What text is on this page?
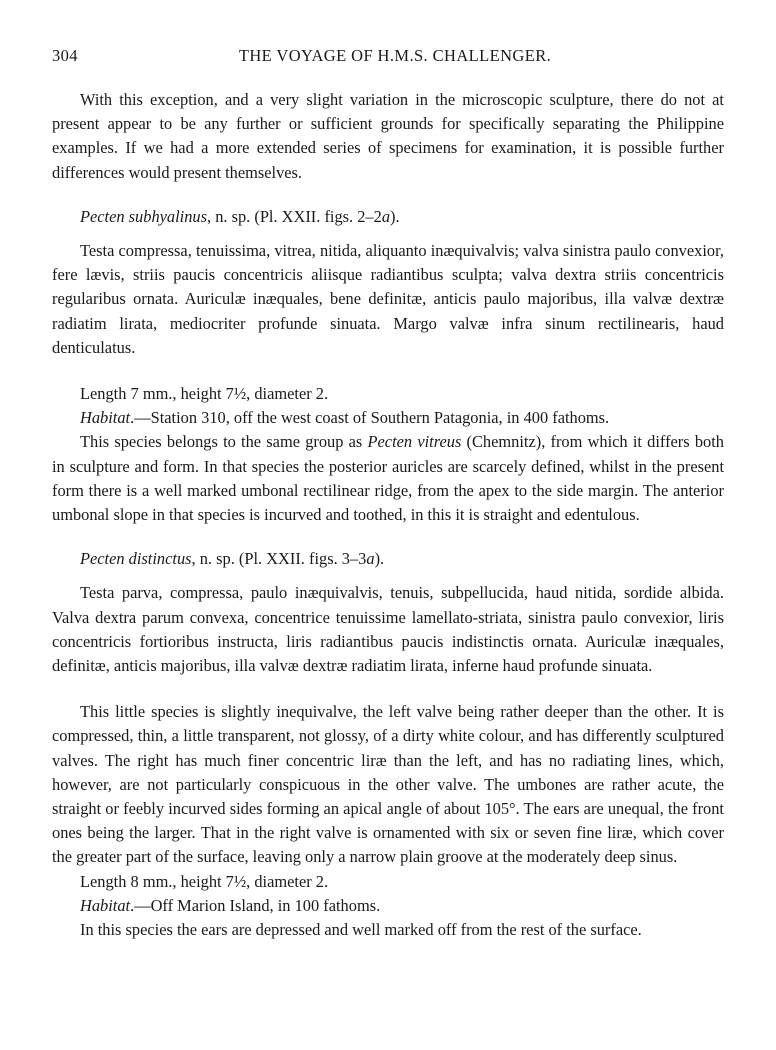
304	THE VOYAGE OF H.M.S. CHALLENGER.

With this exception, and a very slight variation in the microscopic sculpture, there do not at present appear to be any further or sufficient grounds for specifically separating the Philippine examples. If we had a more extended series of specimens for examination, it is possible further differences would present themselves.

Pecten subhyalinus, n. sp. (Pl. XXII. figs. 2–2a).

Testa compressa, tenuissima, vitrea, nitida, aliquanto inæquivalvis; valva sinistra paulo convexior, fere lævis, striis paucis concentricis aliisque radiantibus sculpta; valva dextra striis concentricis regularibus ornata. Auriculæ inæquales, bene definitæ, anticis paulo majoribus, illa valvæ dextræ radiatim lirata, mediocriter profunde sinuata. Margo valvæ infra sinum rectilinearis, haud denticulatus.

Length 7 mm., height 7½, diameter 2.

Habitat.—Station 310, off the west coast of Southern Patagonia, in 400 fathoms.

This species belongs to the same group as Pecten vitreus (Chemnitz), from which it differs both in sculpture and form. In that species the posterior auricles are scarcely defined, whilst in the present form there is a well marked umbonal rectilinear ridge, from the apex to the side margin. The anterior umbonal slope in that species is incurved and toothed, in this it is straight and edentulous.

Pecten distinctus, n. sp. (Pl. XXII. figs. 3–3a).

Testa parva, compressa, paulo inæquivalvis, tenuis, subpellucida, haud nitida, sordide albida. Valva dextra parum convexa, concentrice tenuissime lamellato-striata, sinistra paulo convexior, liris concentricis fortioribus instructa, liris radiantibus paucis indistinctis ornata. Auriculæ inæquales, definitæ, anticis majoribus, illa valvæ dextræ radiatim lirata, inferne haud profunde sinuata.

This little species is slightly inequivalve, the left valve being rather deeper than the other. It is compressed, thin, a little transparent, not glossy, of a dirty white colour, and has differently sculptured valves. The right has much finer concentric liræ than the left, and has no radiating lines, which, however, are not particularly conspicuous in the other valve. The umbones are rather acute, the straight or feebly incurved sides forming an apical angle of about 105°. The ears are unequal, the front ones being the larger. That in the right valve is ornamented with six or seven fine liræ, which cover the greater part of the surface, leaving only a narrow plain groove at the moderately deep sinus.

Length 8 mm., height 7½, diameter 2.

Habitat.—Off Marion Island, in 100 fathoms.

In this species the ears are depressed and well marked off from the rest of the surface.
